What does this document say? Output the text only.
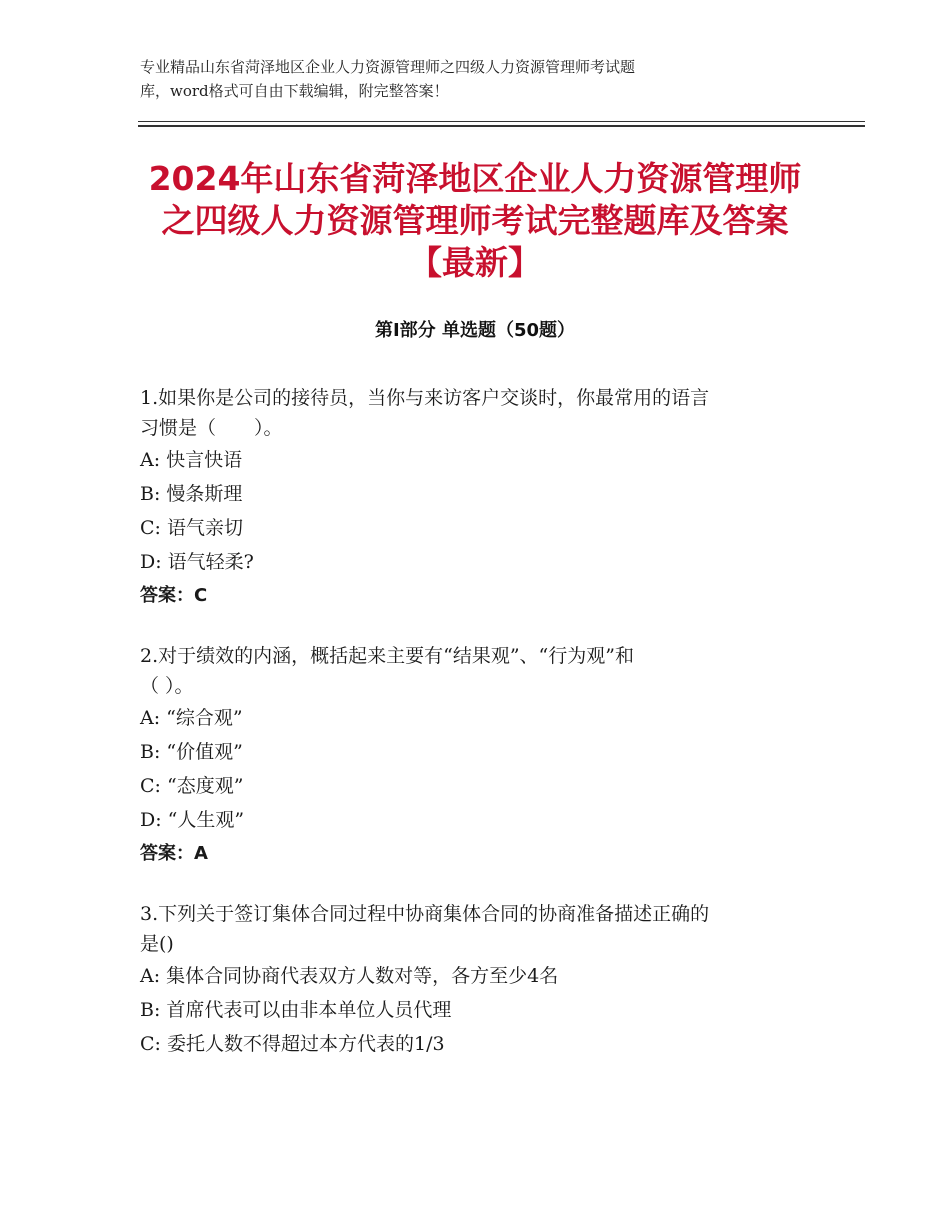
专业精品山东省菏泽地区企业人力资源管理师之四级人力资源管理师考试题
库，word格式可自由下载编辑，附完整答案！
2024年山东省菏泽地区企业人力资源管理师
之四级人力资源管理师考试完整题库及答案
【最新】
第Ⅰ部分 单选题（50题）
1.如果你是公司的接待员，当你与来访客户交谈时，你最常用的语言
习惯是（　　）。
A: 快言快语
B: 慢条斯理
C: 语气亲切
D: 语气轻柔?
答案：C
2.对于绩效的内涵，概括起来主要有“结果观”、“行为观”和
（ ）。
A: “综合观”
B: “价值观”
C: “态度观”
D: “人生观”
答案：A
3.下列关于签订集体合同过程中协商集体合同的协商准备描述正确的
是()
A: 集体合同协商代表双方人数对等，各方至少4名
B: 首席代表可以由非本单位人员代理
C: 委托人数不得超过本方代表的1/3
